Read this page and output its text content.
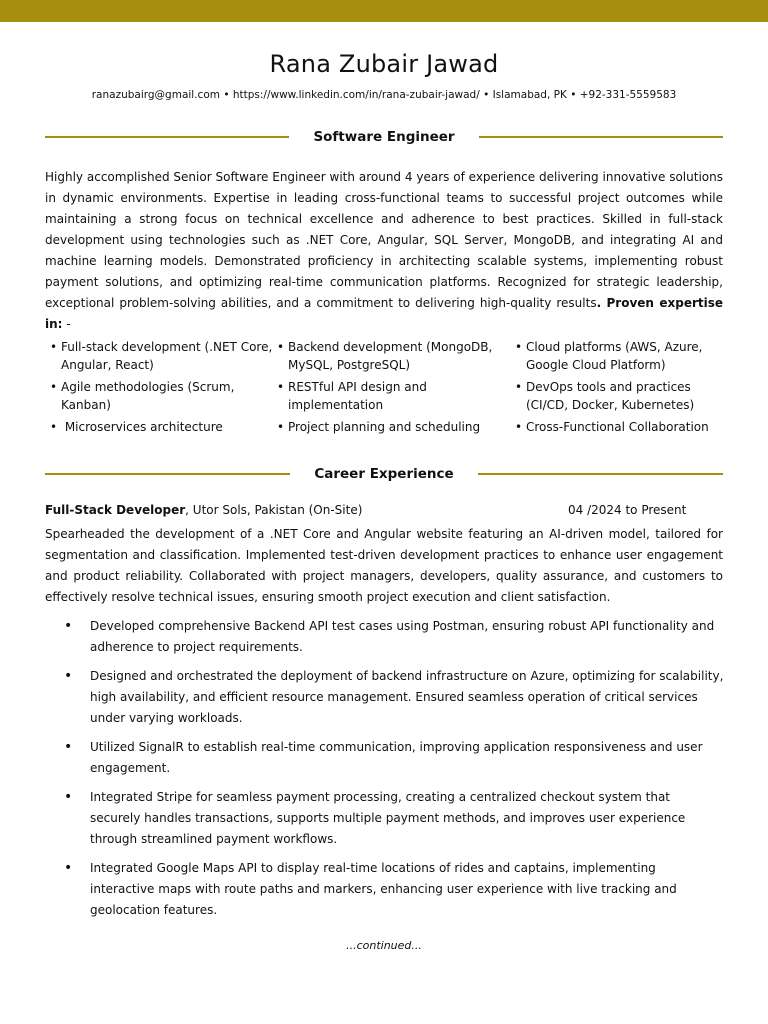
Rana Zubair Jawad
ranazubairg@gmail.com • https://www.linkedin.com/in/rana-zubair-jawad/ • Islamabad, PK • +92-331-5559583
Software Engineer
Highly accomplished Senior Software Engineer with around 4 years of experience delivering innovative solutions in dynamic environments. Expertise in leading cross-functional teams to successful project outcomes while maintaining a strong focus on technical excellence and adherence to best practices. Skilled in full-stack development using technologies such as .NET Core, Angular, SQL Server, MongoDB, and integrating AI and machine learning models. Demonstrated proficiency in architecting scalable systems, implementing robust payment solutions, and optimizing real-time communication platforms. Recognized for strategic leadership, exceptional problem-solving abilities, and a commitment to delivering high-quality results. Proven expertise in: -
• Full-stack development (.NET Core, Angular, React)
• Backend development (MongoDB, MySQL, PostgreSQL)
• Cloud platforms (AWS, Azure, Google Cloud Platform)
• Agile methodologies (Scrum, Kanban)
• RESTful API design and implementation
• DevOps tools and practices (CI/CD, Docker, Kubernetes)
• Microservices architecture	• Project planning and scheduling	• Cross-Functional Collaboration
Career Experience
Full-Stack Developer, Utor Sols, Pakistan (On-Site)	04 /2024 to Present
Spearheaded the development of a .NET Core and Angular website featuring an AI-driven model, tailored for segmentation and classification. Implemented test-driven development practices to enhance user engagement and product reliability. Collaborated with project managers, developers, quality assurance, and customers to effectively resolve technical issues, ensuring smooth project execution and client satisfaction.
•	Developed comprehensive Backend API test cases using Postman, ensuring robust API functionality and adherence to project requirements.
•	Designed and orchestrated the deployment of backend infrastructure on Azure, optimizing for scalability, high availability, and efficient resource management. Ensured seamless operation of critical services under varying workloads.
•	Utilized SignalR to establish real-time communication, improving application responsiveness and user engagement.
•	Integrated Stripe for seamless payment processing, creating a centralized checkout system that securely handles transactions, supports multiple payment methods, and improves user experience through streamlined payment workflows.
•	Integrated Google Maps API to display real-time locations of rides and captains, implementing interactive maps with route paths and markers, enhancing user experience with live tracking and geolocation features.
...continued...
